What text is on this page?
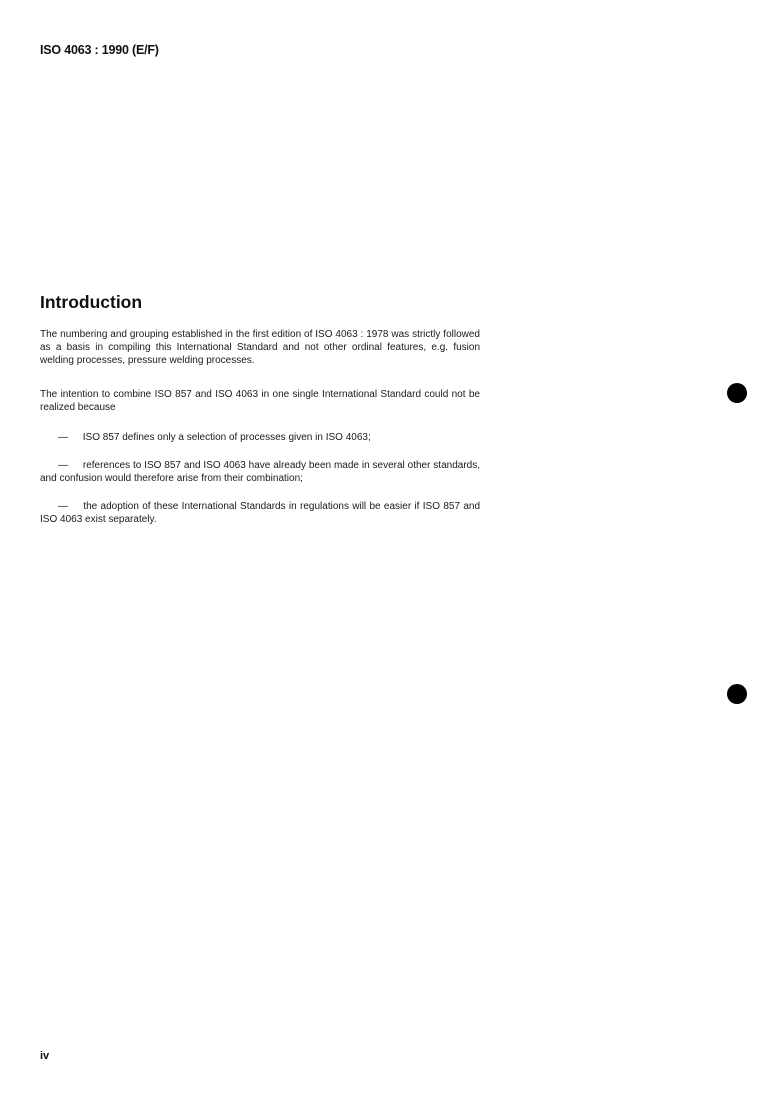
ISO 4063 : 1990 (E/F)
Introduction

The numbering and grouping established in the first edition of ISO 4063 : 1978 was strictly followed as a basis in compiling this International Standard and not other ordinal features, e.g. fusion welding processes, pressure welding processes.

The intention to combine ISO 857 and ISO 4063 in one single International Standard could not be realized because

— ISO 857 defines only a selection of processes given in ISO 4063;

— references to ISO 857 and ISO 4063 have already been made in several other standards, and confusion would therefore arise from their combination;

— the adoption of these International Standards in regulations will be easier if ISO 857 and ISO 4063 exist separately.

iv
